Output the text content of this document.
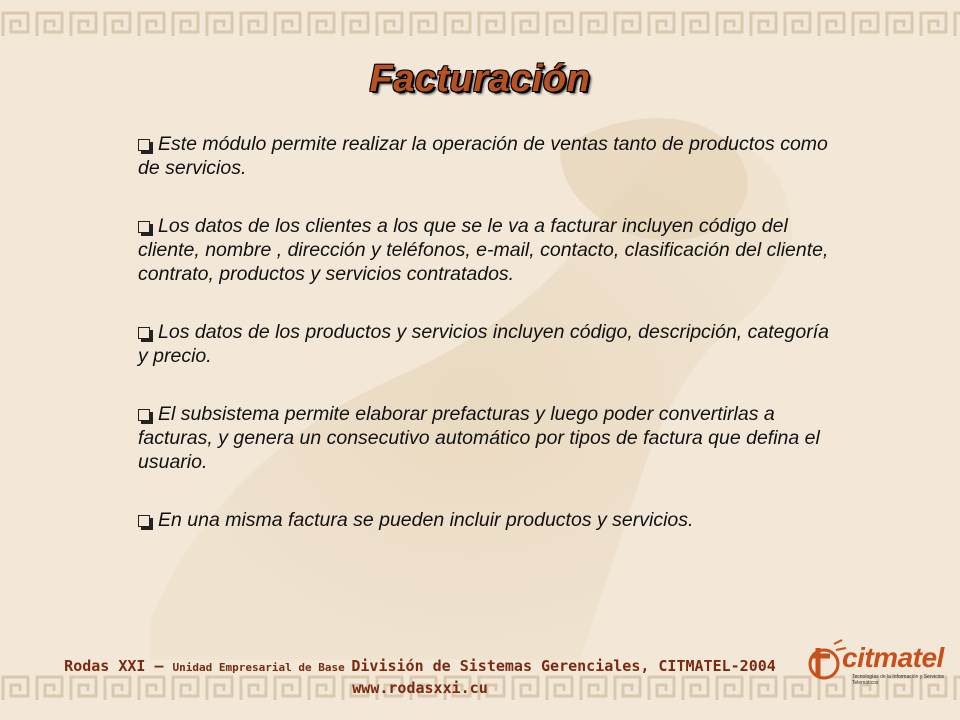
Facturación
Este módulo permite realizar la operación de ventas tanto de productos como de servicios.
Los datos de los clientes a los que se le va a facturar incluyen código del cliente, nombre , dirección y teléfonos, e-mail, contacto, clasificación del cliente, contrato, productos y servicios contratados.
Los datos de los productos y servicios incluyen código, descripción, categoría y precio.
El subsistema permite elaborar prefacturas y luego poder convertirlas a facturas, y genera un consecutivo automático por tipos de factura que defina el usuario.
En una misma factura se pueden incluir productos y servicios.
Rodas XXI – Unidad Empresarial de Base División de Sistemas Gerenciales, CITMATEL-2004 www.rodasxxi.cu
citmatel
Tecnologías de la Información y Servicios Telemáticos
